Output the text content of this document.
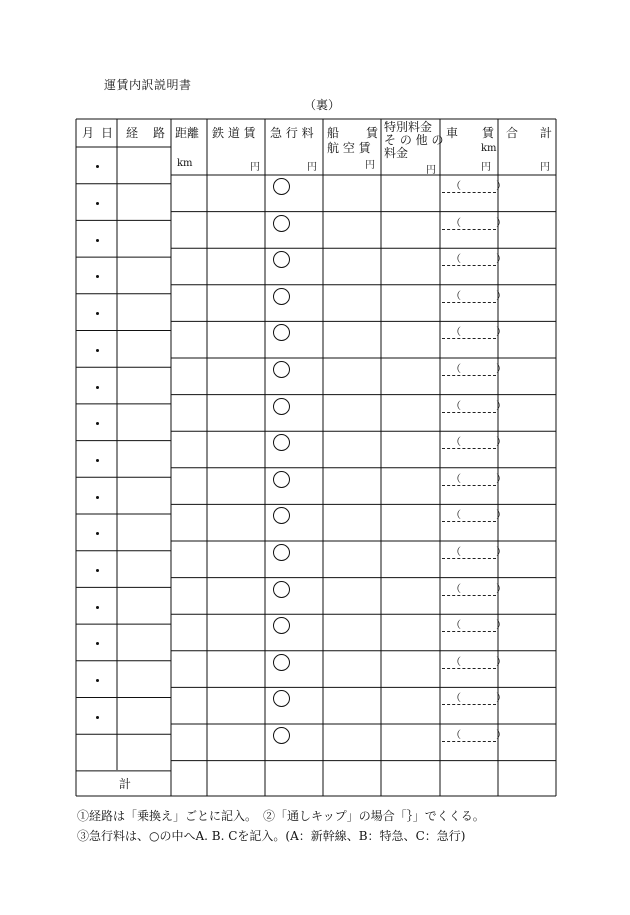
運賃内訳説明書
（裏）
月 日 経 路 距離
km
鉄 道 賃
円
急 行 料
円
船 賃
航 空 賃
円
特別料金
そ の 他 の
料金
円
車 賃
km
円
合 計
円
計
（ ）
（ ）
（ ）
（ ）
（ ）
（ ）
（ ）
（ ）
（ ）
（ ）
（ ）
（ ）
（ ）
（ ）
（ ）
（ ）
①経路は「乗換え」ごとに記入。　②「通しキップ」の場合「｝」でくくる。
③急行料は、○の中へA. B. Cを記入。(A：新幹線、B：特急、C：急行)
